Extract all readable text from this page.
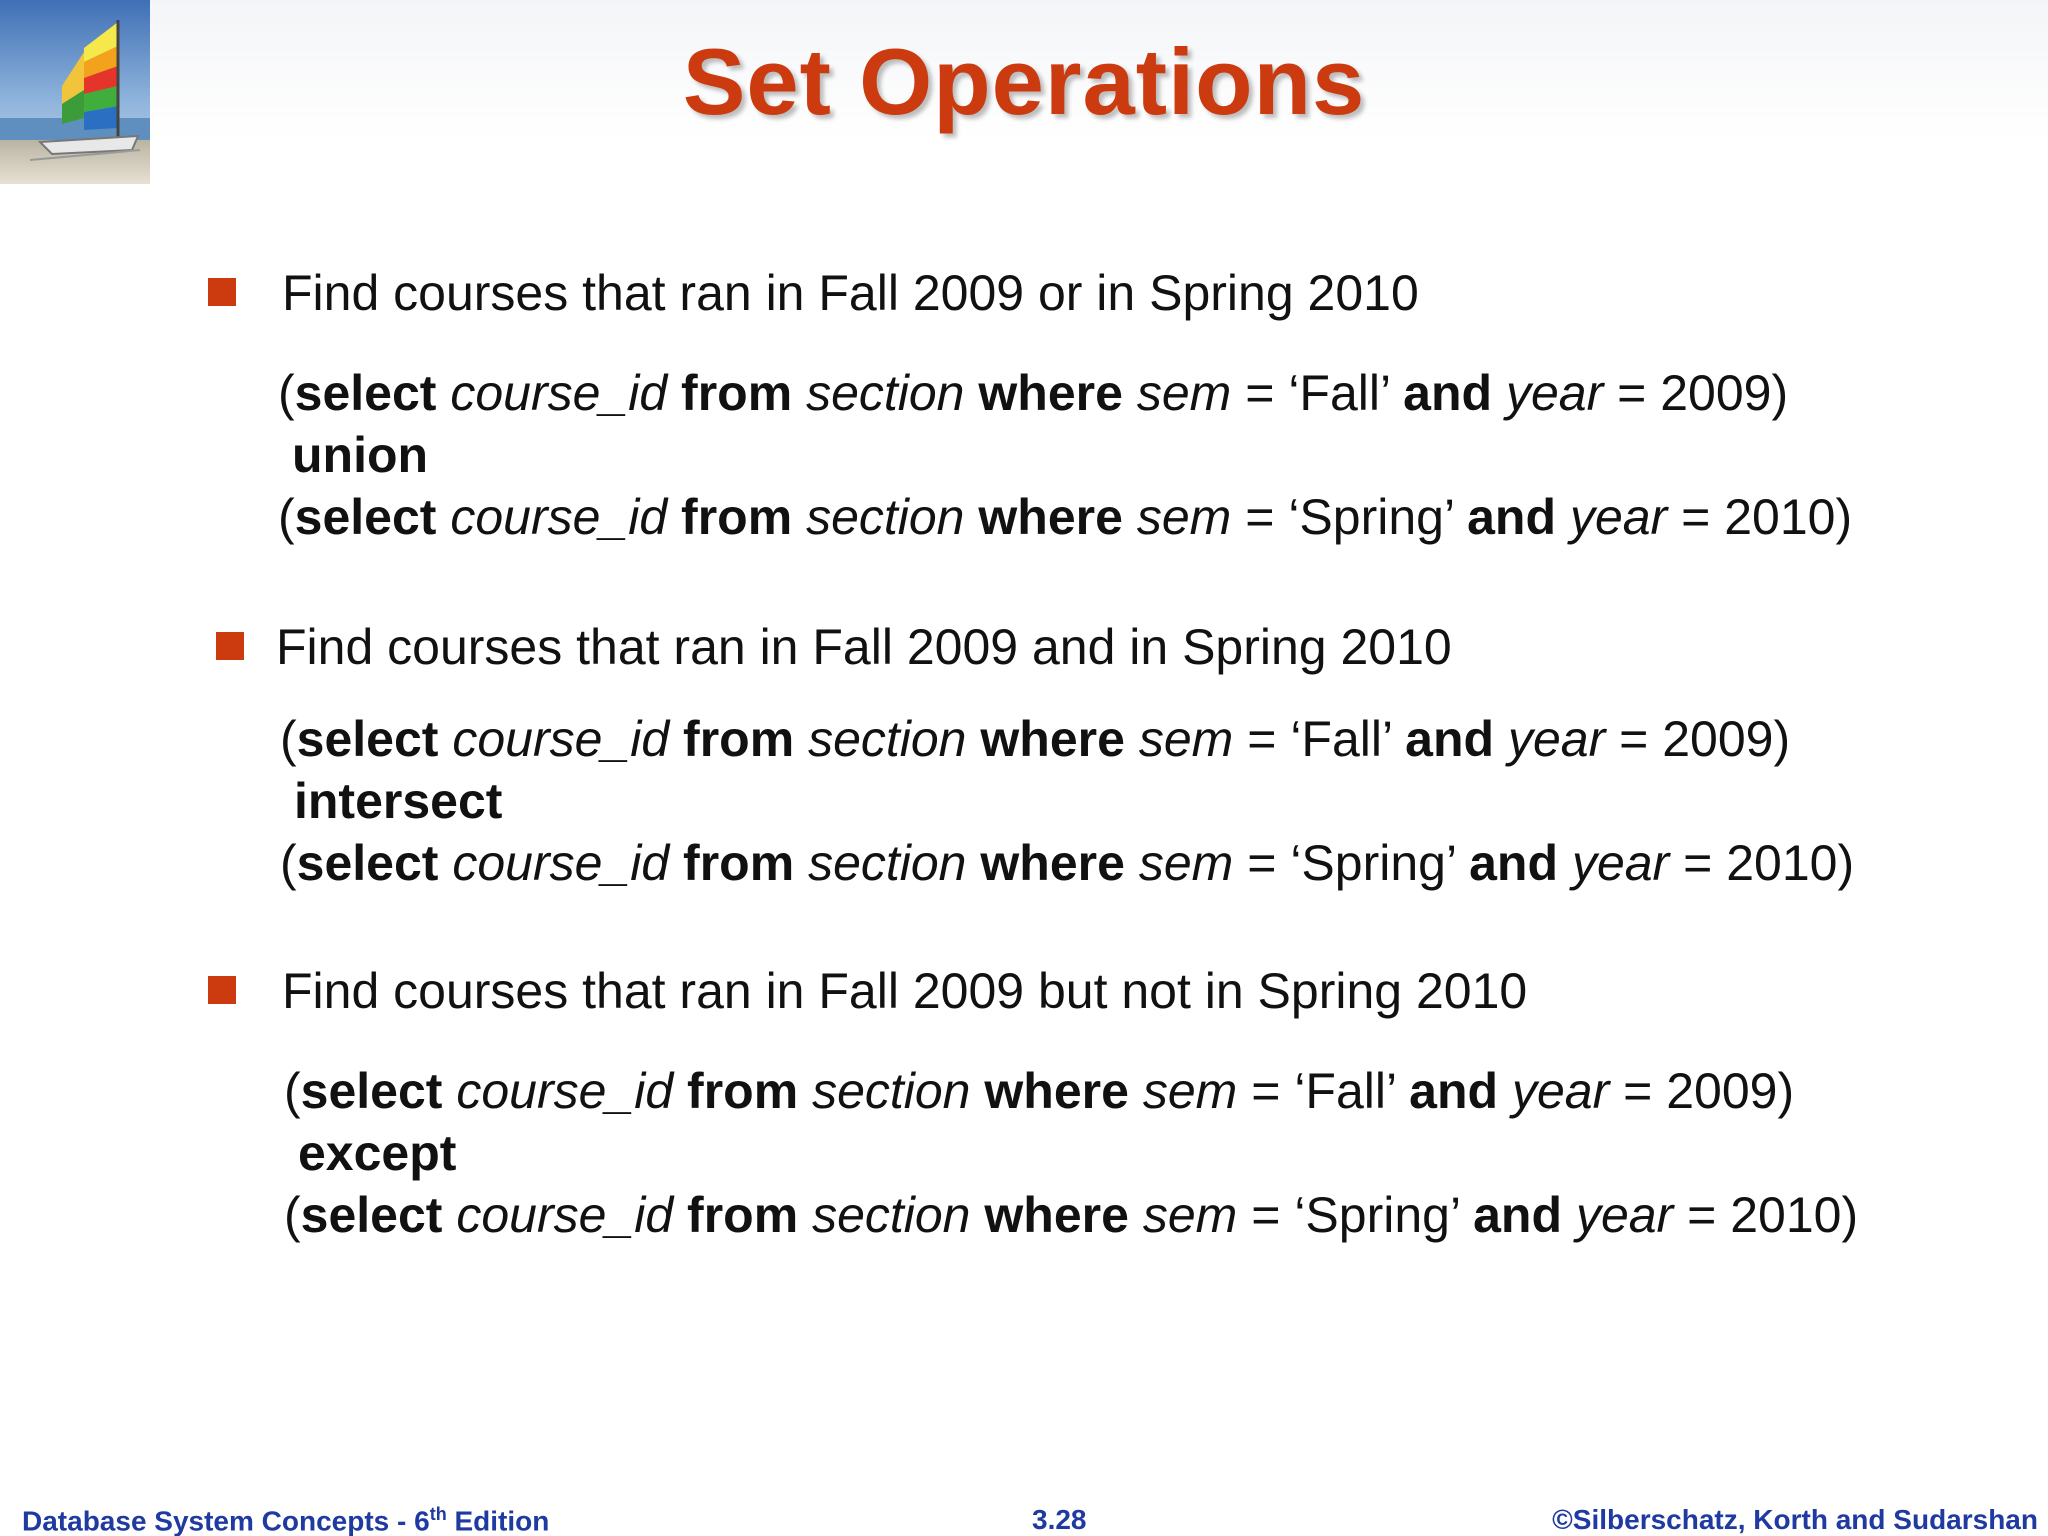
Set Operations
Find courses that ran in Fall 2009 or in Spring 2010
(select course_id from section where sem = ‘Fall’ and year = 2009)
union
(select course_id from section where sem = ‘Spring’ and year = 2010)
Find courses that ran in Fall 2009 and in Spring 2010
(select course_id from section where sem = ‘Fall’ and year = 2009)
intersect
(select course_id from section where sem = ‘Spring’ and year = 2010)
Find courses that ran in Fall 2009 but not in Spring 2010
(select course_id from section where sem = ‘Fall’ and year = 2009)
except
(select course_id from section where sem = ‘Spring’ and year = 2010)
Database System Concepts - 6th Edition	3.28	©Silberschatz, Korth and Sudarshan
